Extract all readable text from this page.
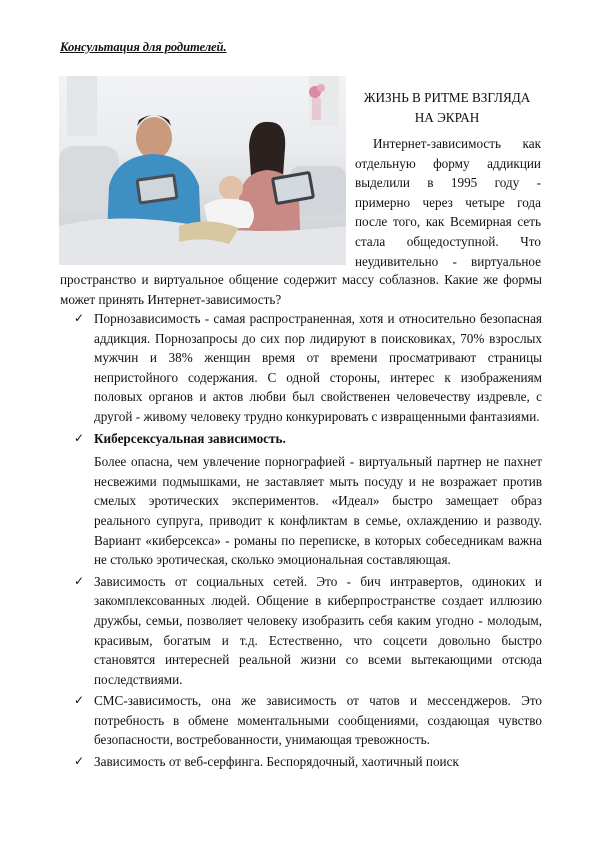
Консультация для родителей.
ЖИЗНЬ В РИТМЕ ВЗГЛЯДА
НА ЭКРАН

Интернет-зависимость как

отдельную форму аддикции

выделили в 1995 году -

примерно через четыре года

после того, как Всемирная сеть

стала общедоступной. Что

неудивительно - виртуальное

пространство и виртуальное общение содержит массу соблазнов. Какие же формы может принять Интернет-зависимость?
✓ Порнозависимость - самая распространенная, хотя и относительно безопасная аддикция. Порнозапросы до сих пор лидируют в поисковиках, 70% взрослых мужчин и 38% женщин время от времени просматривают страницы непристойного содержания. С одной стороны, интерес к изображениям половых органов и актов любви был свойственен человечеству издревле, с другой - живому человеку трудно конкурировать с извращенными фантазиями.

✓ Киберсексуальная зависимость.

Более опасна, чем увлечение порнографией - виртуальный партнер не пахнет несвежими подмышками, не заставляет мыть посуду и не возражает против смелых эротических экспериментов. «Идеал» быстро замещает образ реального супруга, приводит к конфликтам в семье, охлаждению и разводу. Вариант «киберсекса» - романы по переписке, в которых собеседникам важна не столько эротическая, сколько эмоциональная составляющая.

✓ Зависимость от социальных сетей. Это - бич интравертов, одиноких и закомплексованных людей. Общение в киберпространстве создает иллюзию дружбы, семьи, позволяет человеку изобразить себя каким угодно - молодым, красивым, богатым и т.д. Естественно, что соцсети довольно быстро становятся интересней реальной жизни со всеми вытекающими отсюда последствиями.

✓ СМС-зависимость, она же зависимость от чатов и мессенджеров. Это потребность в обмене моментальными сообщениями, создающая чувство безопасности, востребованности, унимающая тревожность.

✓ Зависимость от веб-серфинга. Беспорядочный, хаотичный поиск
